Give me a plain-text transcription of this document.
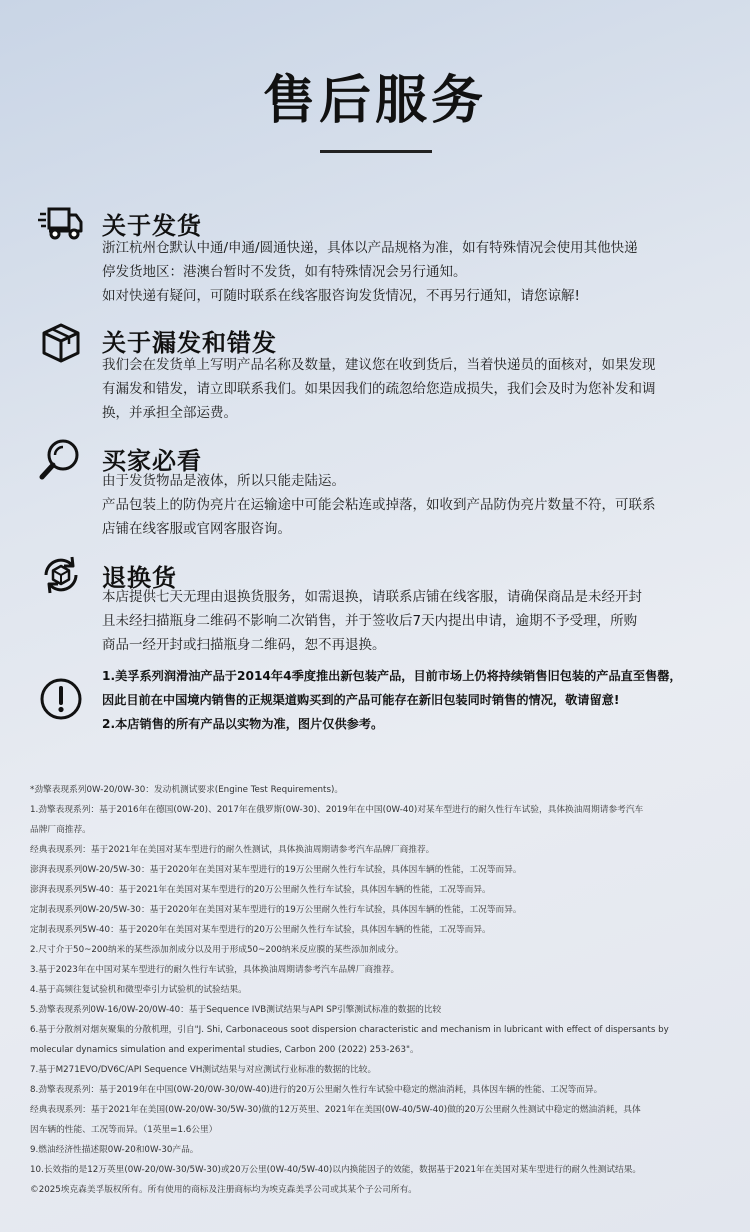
售后服务
关于发货
浙江杭州仓默认中通/申通/圆通快递，具体以产品规格为准，如有特殊情况会使用其他快递
停发货地区：港澳台暂时不发货，如有特殊情况会另行通知。
如对快递有疑问，可随时联系在线客服咨询发货情况，不再另行通知，请您谅解!
关于漏发和错发
我们会在发货单上写明产品名称及数量，建议您在收到货后，当着快递员的面核对，如果发现
有漏发和错发，请立即联系我们。如果因我们的疏忽给您造成损失，我们会及时为您补发和调
换，并承担全部运费。
买家必看
由于发货物品是液体，所以只能走陆运。
产品包装上的防伪亮片在运输途中可能会粘连或掉落，如收到产品防伪亮片数量不符，可联系
店铺在线客服或官网客服咨询。
退换货
本店提供七天无理由退换货服务，如需退换，请联系店铺在线客服，请确保商品是未经开封
且未经扫描瓶身二维码不影响二次销售，并于签收后7天内提出申请，逾期不予受理，所购
商品一经开封或扫描瓶身二维码，恕不再退换。
1.美孚系列润滑油产品于2014年4季度推出新包装产品，目前市场上仍将持续销售旧包装的产品直至售罄，
因此目前在中国境内销售的正规渠道购买到的产品可能存在新旧包装同时销售的情况，敬请留意!
2.本店销售的所有产品以实物为准，图片仅供参考。
*劲擎表现系列0W-20/0W-30：发动机测试要求(Engine Test Requirements)。
1.劲擎表现系列：基于2016年在德国(0W-20)、2017年在俄罗斯(0W-30)、2019年在中国(0W-40)对某车型进行的耐久性行车试验，具体换油周期请参考汽车
品牌厂商推荐。
经典表现系列：基于2021年在美国对某车型进行的耐久性测试，具体换油周期请参考汽车品牌厂商推荐。
澎湃表现系列0W-20/5W-30：基于2020年在美国对某车型进行的19万公里耐久性行车试验，具体因车辆的性能，工况等而异。
澎湃表现系列5W-40：基于2021年在美国对某车型进行的20万公里耐久性行车试验，具体因车辆的性能，工况等而异。
定制表现系列0W-20/5W-30：基于2020年在美国对某车型进行的19万公里耐久性行车试验，具体因车辆的性能，工况等而异。
定制表现系列5W-40：基于2020年在美国对某车型进行的20万公里耐久性行车试验，具体因车辆的性能，工况等而异。
2.尺寸介于50~200纳米的某些添加剂成分以及用于形成50~200纳米反应膜的某些添加剂成分。
3.基于2023年在中国对某车型进行的耐久性行车试验，具体换油周期请参考汽车品牌厂商推荐。
4.基于高频往复试验机和微型牵引力试验机的试验结果。
5.劲擎表现系列0W-16/0W-20/0W-40：基于Sequence IVB测试结果与API SP引擎测试标准的数据的比较
6.基于分散剂对烟灰聚集的分散机理，引自"J. Shi, Carbonaceous soot dispersion characteristic and mechanism in lubricant with effect of dispersants by
molecular dynamics simulation and experimental studies, Carbon 200 (2022) 253-263"。
7.基于M271EVO/DV6C/API Sequence VH测试结果与对应测试行业标准的数据的比较。
8.劲擎表现系列：基于2019年在中国(0W-20/0W-30/0W-40)进行的20万公里耐久性行车试验中稳定的燃油消耗，具体因车辆的性能、工况等而异。
经典表现系列：基于2021年在美国(0W-20/0W-30/5W-30)做的12万英里、2021年在美国(0W-40/5W-40)做的20万公里耐久性测试中稳定的燃油消耗，具体
因车辆的性能、工况等而异。（1英里=1.6公里）
9.燃油经济性描述限0W-20和0W-30产品。
10.长效指的是12万英里(0W-20/0W-30/5W-30)或20万公里(0W-40/5W-40)以内换能因子的效能，数据基于2021年在美国对某车型进行的耐久性测试结果。
©2025埃克森美孚版权所有。所有使用的商标及注册商标均为埃克森美孚公司或其某个子公司所有。
